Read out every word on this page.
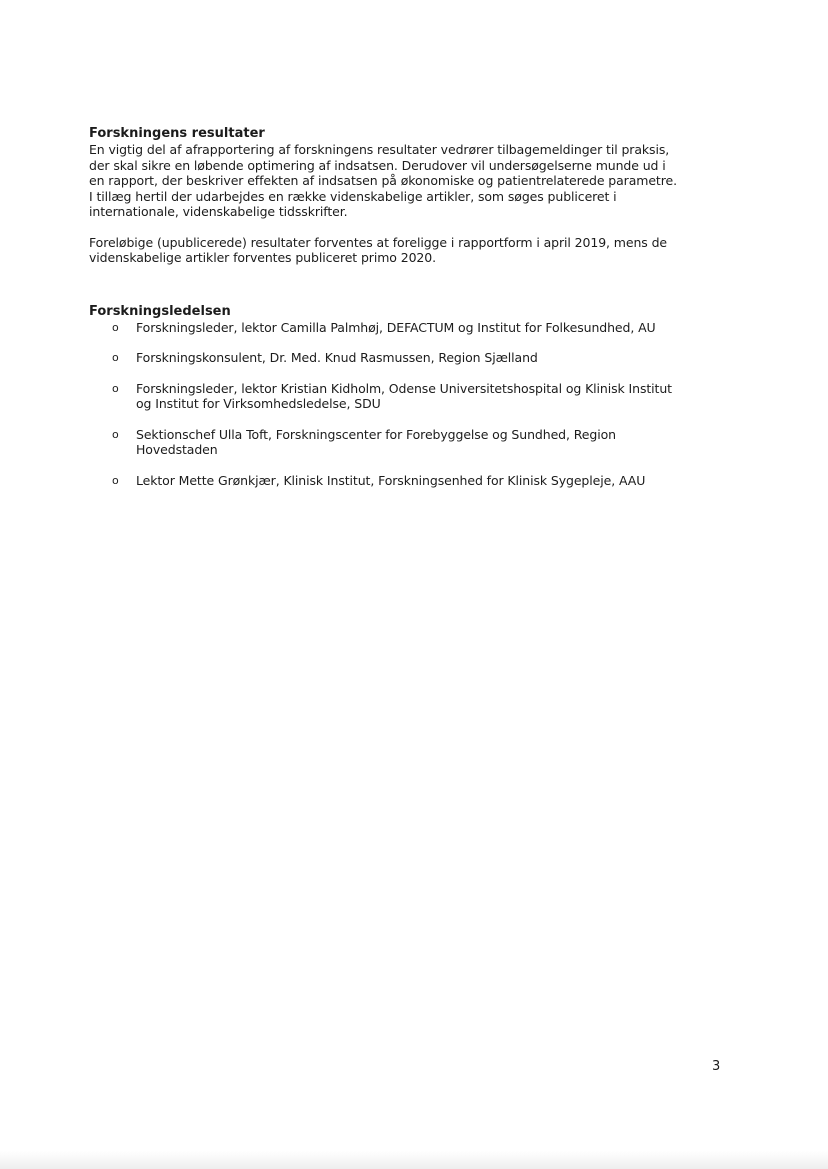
Forskningens resultater

En vigtig del af afrapportering af forskningens resultater vedrører tilbagemeldinger til praksis,
der skal sikre en løbende optimering af indsatsen. Derudover vil undersøgelserne munde ud i
en rapport, der beskriver effekten af indsatsen på økonomiske og patientrelaterede parametre.
I tillæg hertil der udarbejdes en række videnskabelige artikler, som søges publiceret i
internationale, videnskabelige tidsskrifter.

Foreløbige (upublicerede) resultater forventes at foreligge i rapportform i april 2019, mens de
videnskabelige artikler forventes publiceret primo 2020.

Forskningsledelsen
o Forskningsleder, lektor Camilla Palmhøj, DEFACTUM og Institut for Folkesundhed, AU
o Forskningskonsulent, Dr. Med. Knud Rasmussen, Region Sjælland
o Forskningsleder, lektor Kristian Kidholm, Odense Universitetshospital og Klinisk Institut
og Institut for Virksomhedsledelse, SDU
o Sektionschef Ulla Toft, Forskningscenter for Forebyggelse og Sundhed, Region
Hovedstaden
o Lektor Mette Grønkjær, Klinisk Institut, Forskningsenhed for Klinisk Sygepleje, AAU
3
